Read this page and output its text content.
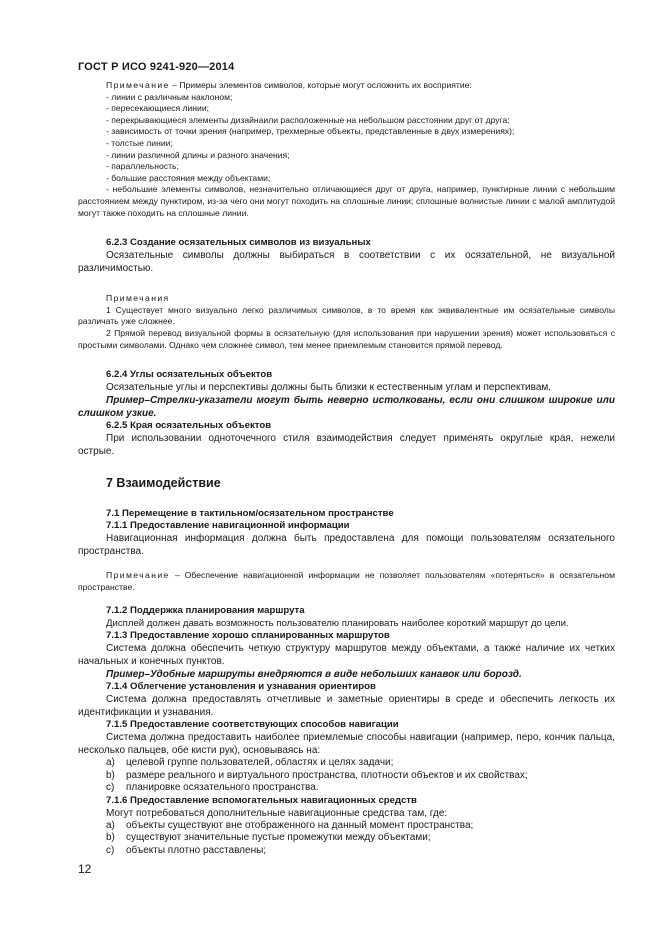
ГОСТ Р ИСО 9241-920—2014
Примечание – Примеры элементов символов, которые могут осложнить их восприятие:
- линии с различным наклоном;
- пересекающиеся линии;
- перекрывающиеся элементы дизайнаили расположенные на небольшом расстоянии друг от друга;
- зависимость от точки зрения (например, трехмерные объекты, представленные в двух измерениях);
- толстые линии;
- линии различной длины и разного значения;
- параллельность;
- большие расстояния между объектами;
- небольшие элементы символов, незначительно отличающиеся друг от друга, например, пунктирные линии с небольшим расстоянием между пунктиром, из-за чего они могут походить на сплошные линии; сплошные волнистые линии с малой амплитудой могут также походить на сплошные линии.
6.2.3 Создание осязательных символов из визуальных
Осязательные символы должны выбираться в соответствии с их осязательной, не визуальной различимостью.
Примечания
1 Существует много визуально легко различимых символов, в то время как эквивалентные им осязательные символы различать уже сложнее.
2 Прямой перевод визуальной формы в осязательную (для использования при нарушении зрения) может использоваться с простыми символами. Однако чем сложнее символ, тем менее приемлемым становится прямой перевод.
6.2.4 Углы осязательных объектов
Осязательные углы и перспективы должны быть близки к естественным углам и перспективам.
Пример–Стрелки-указатели могут быть неверно истолкованы, если они слишком широкие или слишком узкие.
6.2.5 Края осязательных объектов
При использовании одноточечного стиля взаимодействия следует применять округлые края, нежели острые.
7 Взаимодействие
7.1 Перемещение в тактильном/осязательном пространстве
7.1.1 Предоставление навигационной информации
Навигационная информация должна быть предоставлена для помощи пользователям осязательного пространства.
Примечание – Обеспечение навигационной информации не позволяет пользователям «потеряться» в осязательном пространстве.
7.1.2 Поддержка планирования маршрута
Дисплей должен давать возможность пользователю планировать наиболее короткий маршрут до цели.
7.1.3 Предоставление хорошо спланированных маршрутов
Система должна обеспечить четкую структуру маршрутов между объектами, а также наличие их четких начальных и конечных пунктов.
Пример–Удобные маршруты внедряются в виде небольших канавок или борозд.
7.1.4 Облегчение установления и узнавания ориентиров
Система должна предоставлять отчетливые и заметные ориентиры в среде и обеспечить легкость их идентификации и узнавания.
7.1.5 Предоставление соответствующих способов навигации
Система должна предоставить наиболее приемлемые способы навигации (например, перо, кончик пальца, несколько пальцев, обе кисти рук), основываясь на:
а) целевой группе пользователей, областях и целях задачи;
b) размере реального и виртуального пространства, плотности объектов и их свойствах;
c) планировке осязательного пространства.
7.1.6 Предоставление вспомогательных навигационных средств
Могут потребоваться дополнительные навигационные средства там, где:
а) объекты существуют вне отображенного на данный момент пространства;
b) существуют значительные пустые промежутки между объектами;
c) объекты плотно расставлены;
12
